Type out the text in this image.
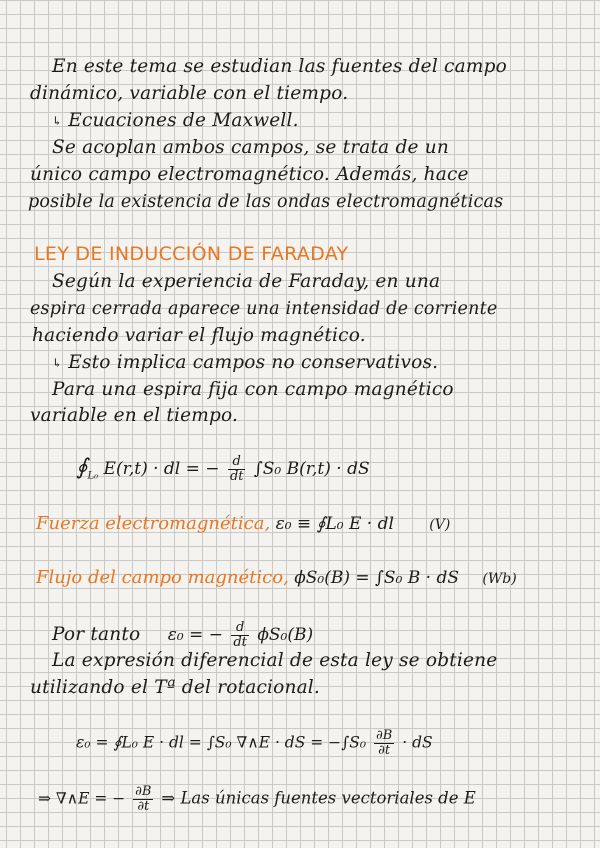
En este tema se estudian las fuentes del campo
dinámico, variable con el tiempo.
↳ Ecuaciones de Maxwell.
Se acoplan ambos campos, se trata de un
único campo electromagnético. Además, hace
posible la existencia de las ondas electromagnéticas
LEY DE INDUCCIÓN DE FARADAY
Según la experiencia de Faraday, en una
espira cerrada aparece una intensidad de corriente
haciendo variar el flujo magnético.
↳ Esto implica campos no conservativos.
Para una espira fija con campo magnético
variable en el tiempo.
$∮_{L_0}$ E(r,t) · dl = − $\frac{d}{dt} \int S_0$ B(r,t) · dS
Fuerza electromagnética, ε₀ ≡ ∮L₀ E · dl	(V)
Flujo del campo magnético, ϕS₀(B) = ∫S₀ B · dS (Wb)
Por tanto ε₀ = − $\frac{d}{dt} \phi S_0(B)$
La expresión diferencial de esta ley se obtiene
utilizando el Tª del rotacional.
ε₀ = ∮L₀ E · dl = ∫S₀ ∇∧E · dS = $-\int S_0 \frac{\partial B}{\partial t}$ · dS
⇒ ∇∧E = − $\frac{\partial B}{\partial t}$ ⇒ Las únicas fuentes vectoriales de E
